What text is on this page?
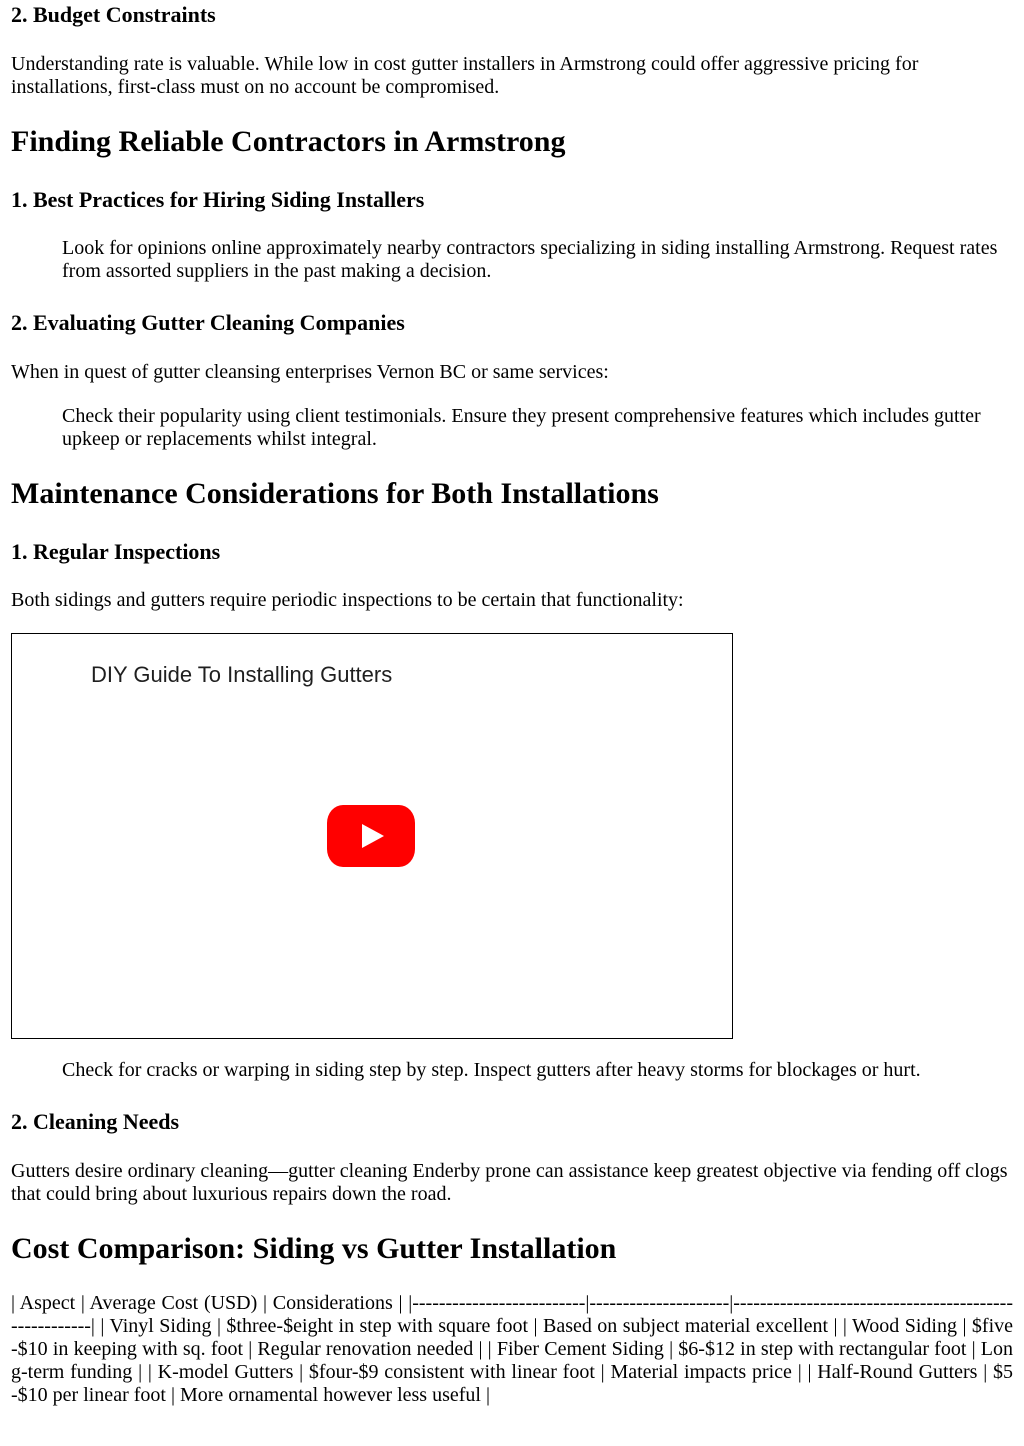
2. Budget Constraints

Understanding rate is valuable. While low in cost gutter installers in Armstrong could offer aggressive pricing for installations, first-class must on no account be compromised.

Finding Reliable Contractors in Armstrong
1. Best Practices for Hiring Siding Installers

Look for opinions online approximately nearby contractors specializing in siding installing Armstrong. Request rates from assorted suppliers in the past making a decision.

2. Evaluating Gutter Cleaning Companies

When in quest of gutter cleansing enterprises Vernon BC or same services:

Check their popularity using client testimonials. Ensure they present comprehensive features which includes gutter upkeep or replacements whilst integral.

Maintenance Considerations for Both Installations
1. Regular Inspections

Both sidings and gutters require periodic inspections to be certain that functionality:

DIY Guide To Installing Gutters

Check for cracks or warping in siding step by step. Inspect gutters after heavy storms for blockages or hurt.

2. Cleaning Needs

Gutters desire ordinary cleaning—gutter cleaning Enderby prone can assistance keep greatest objective via fending off clogs that could bring about luxurious repairs down the road.

Cost Comparison: Siding vs Gutter Installation

| Aspect | Average Cost (USD) | Considerations | |--------------------------|---------------------|------------------------------------------------------| | Vinyl Siding | $three-$eight in step with square foot | Based on subject material excellent | | Wood Siding | $five-$10 in keeping with sq. foot | Regular renovation needed | | Fiber Cement Siding | $6-$12 in step with rectangular foot | Long-term funding | | K-model Gutters | $four-$9 consistent with linear foot | Material impacts price | | Half-Round Gutters | $5-$10 per linear foot | More ornamental however less useful |
